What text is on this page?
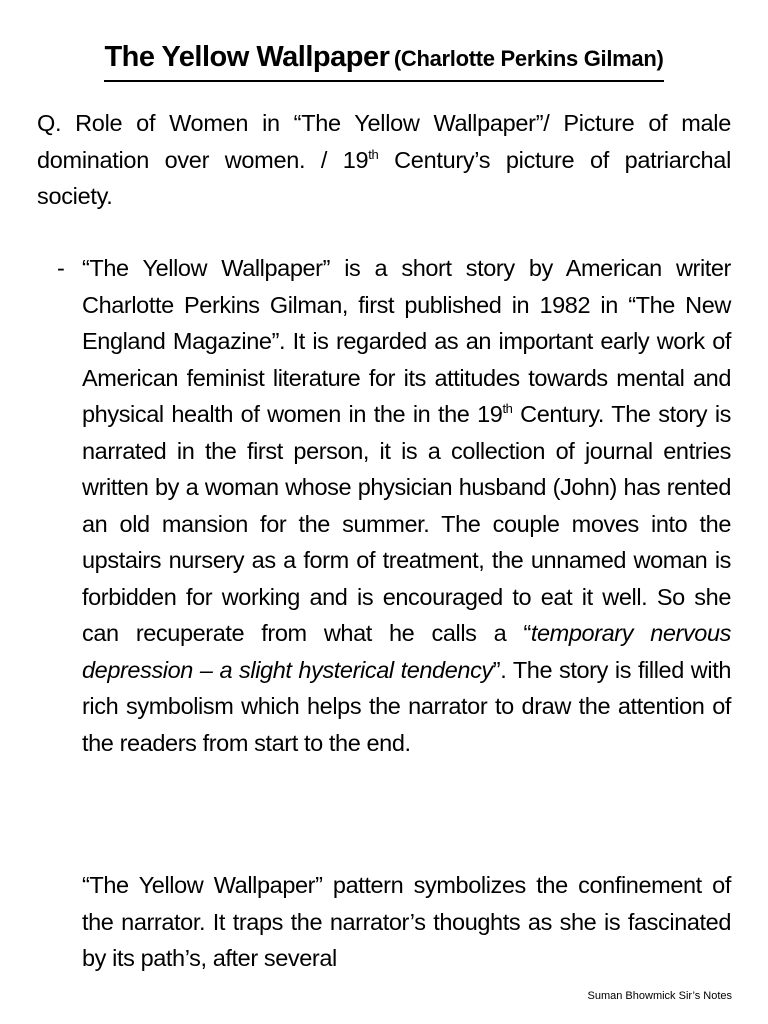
The Yellow Wallpaper (Charlotte Perkins Gilman)
Q. Role of Women in “The Yellow Wallpaper”/ Picture of male domination over women. / 19th Century’s picture of patriarchal society.
- “The Yellow Wallpaper” is a short story by American writer Charlotte Perkins Gilman, first published in 1982 in “The New England Magazine”. It is regarded as an important early work of American feminist literature for its attitudes towards mental and physical health of women in the in the 19th Century. The story is narrated in the first person, it is a collection of journal entries written by a woman whose physician husband (John) has rented an old mansion for the summer. The couple moves into the upstairs nursery as a form of treatment, the unnamed woman is forbidden for working and is encouraged to eat it well. So she can recuperate from what he calls a “temporary nervous depression – a slight hysterical tendency”. The story is filled with rich symbolism which helps the narrator to draw the attention of the readers from start to the end.
“The Yellow Wallpaper” pattern symbolizes the confinement of the narrator. It traps the narrator’s thoughts as she is fascinated by its path’s, after several
Suman Bhowmick Sir’s Notes
